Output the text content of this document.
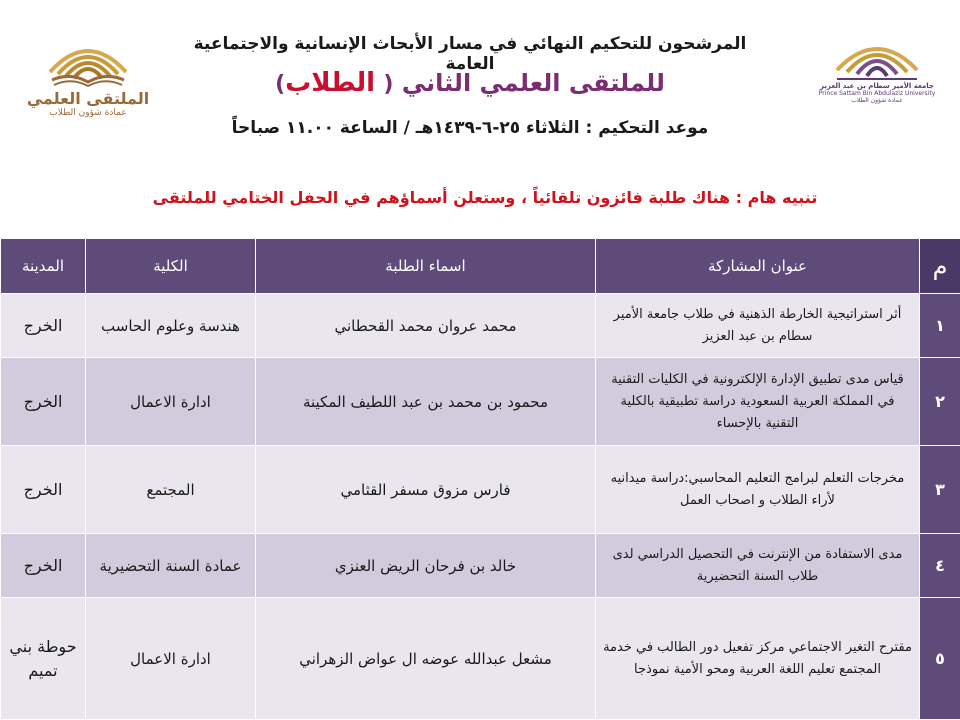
الملتقى العلمي
عمادة شؤون الطلاب
جامعة الأمير سطام بن عبد العزيز
Prince Sattam Bin Abdulaziz University
عمادة شؤون الطلاب
المرشحون للتحكيم النهائي في مسار الأبحاث الإنسانية والاجتماعية العامة
للملتقى العلمي الثاني ( الطلاب)
موعد التحكيم : الثلاثاء ٢٥-٦-١٤٣٩هـ / الساعة ١١.٠٠ صباحاً
تنبيه هام : هناك طلبة فائزون تلقائياً ، وستعلن أسماؤهم في الحفل الختامي للملتقى
م	عنوان المشاركة	اسماء الطلبة	الكلية	المدينة
١	أثر استراتيجية الخارطة الذهنية في طلاب جامعة الأمير سطام بن عبد العزيز	محمد عروان محمد القحطاني	هندسة وعلوم الحاسب	الخرج
٢	قياس مدى تطبيق الإدارة الإلكترونية في الكليات التقنية في المملكة العربية السعودية دراسة تطبيقية بالكلية التقنية بالإحساء	محمود بن محمد بن عبد اللطيف المكينة	ادارة الاعمال	الخرج
٣	مخرجات التعلم لبرامج التعليم المحاسبي:دراسة ميدانيه لأراء الطلاب و اصحاب العمل	فارس مزوق مسفر القثامي	المجتمع	الخرج
٤	مدى الاستفادة من الإنترنت في التحصيل الدراسي لدى طلاب السنة التحضيرية	خالد بن فرحان الريض العنزي	عمادة السنة التحضيرية	الخرج
٥	مقترح التغير الاجتماعي مركز تفعيل دور الطالب في خدمة المجتمع تعليم اللغة العربية ومحو الأمية نموذجا	مشعل عبدالله عوضه ال عواض الزهراني	ادارة الاعمال	حوطة بني تميم
